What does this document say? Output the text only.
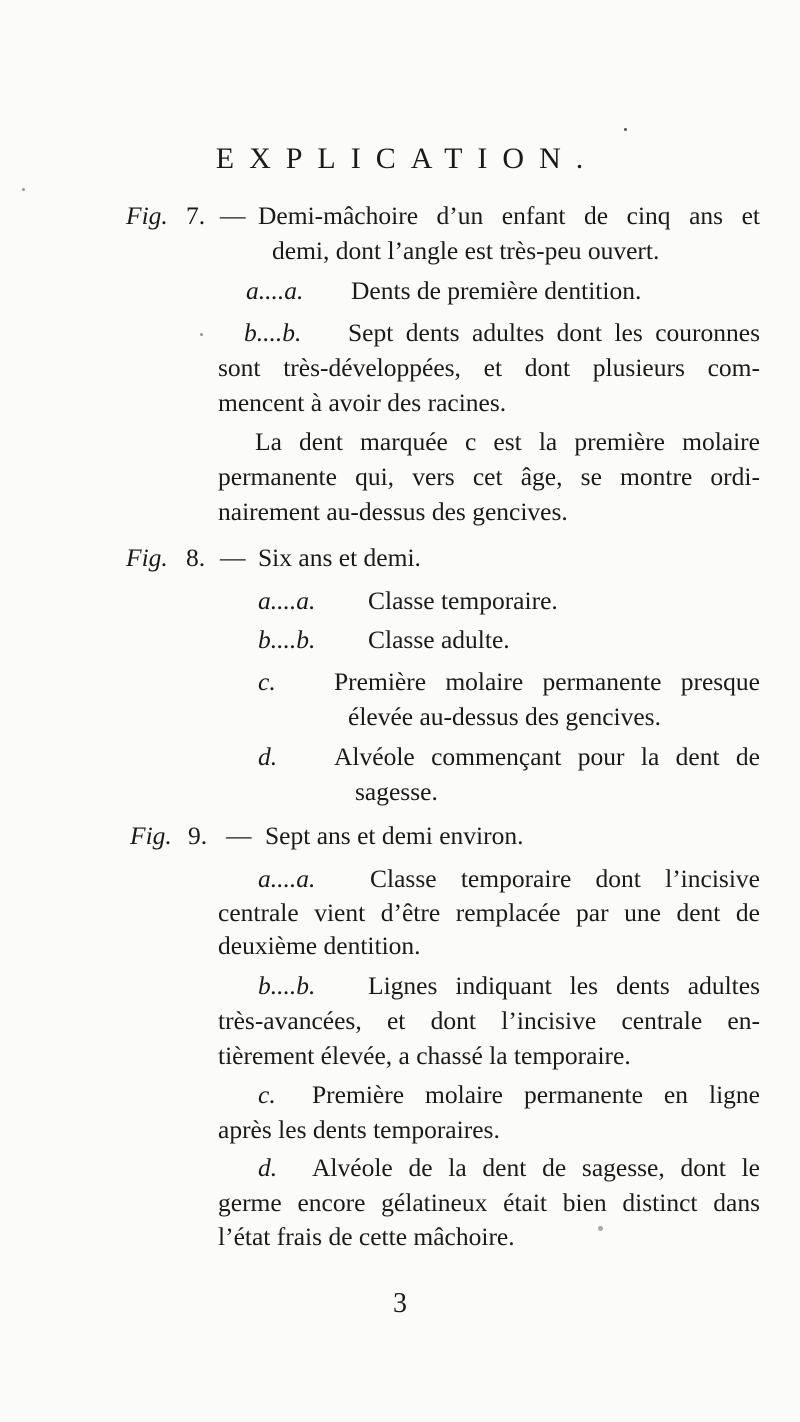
EXPLICATION.
Fig. 7. — Demi-mâchoire d’un enfant de cinq ans et
demi, dont l’angle est très-peu ouvert.
a....a. Dents de première dentition.
b....b. Sept dents adultes dont les couronnes
sont très-développées, et dont plusieurs com-
mencent à avoir des racines.
La dent marquée c est la première molaire
permanente qui, vers cet âge, se montre ordi-
nairement au-dessus des gencives.
Fig. 8. — Six ans et demi.
a....a. Classe temporaire.
b....b. Classe adulte.
c. Première molaire permanente presque
élevée au-dessus des gencives.
d. Alvéole commençant pour la dent de
sagesse.
Fig. 9. — Sept ans et demi environ.
a....a. Classe temporaire dont l’incisive
centrale vient d’être remplacée par une dent de
deuxième dentition.
b....b. Lignes indiquant les dents adultes
très-avancées, et dont l’incisive centrale en-
tièrement élevée, a chassé la temporaire.
c. Première molaire permanente en ligne
après les dents temporaires.
d. Alvéole de la dent de sagesse, dont le
germe encore gélatineux était bien distinct dans
l’état frais de cette mâchoire.
3
